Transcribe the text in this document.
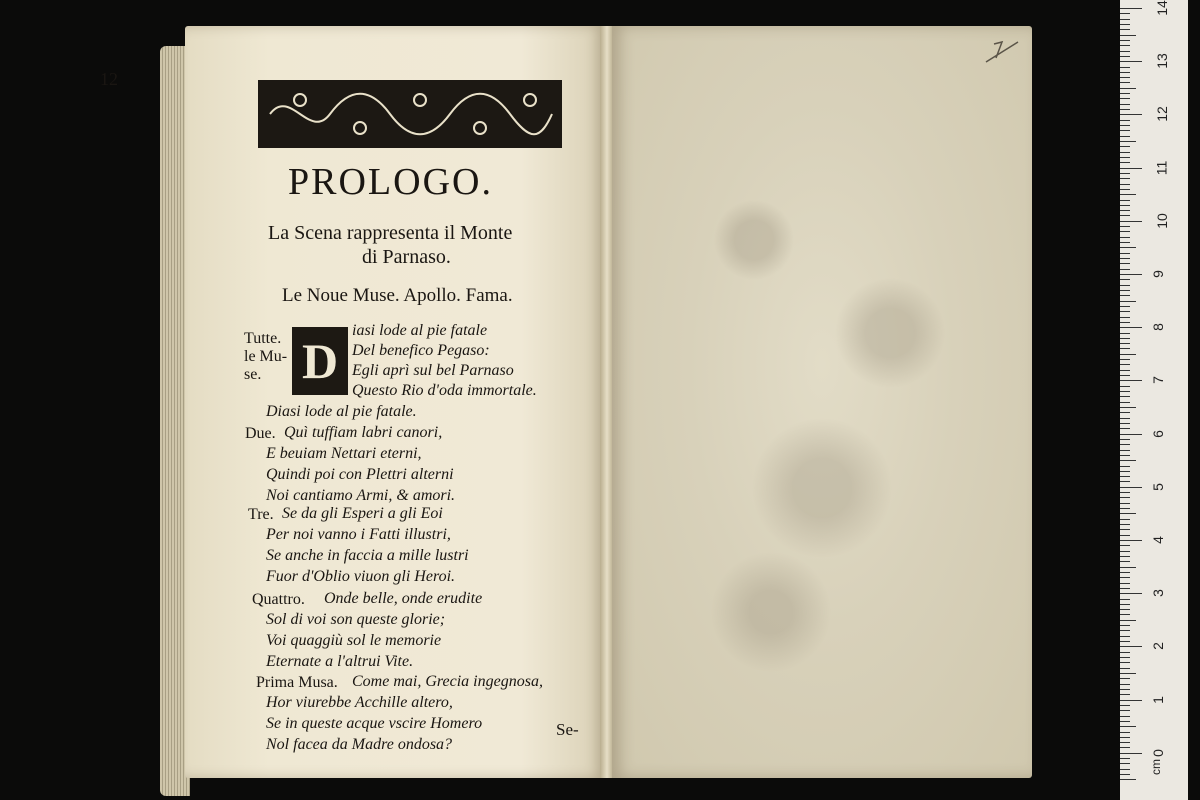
12
PROLOGO.
La Scena rappresenta il Monte
di Parnaso.
Le Noue Muse. Apollo. Fama.
Tutte. le Mu- se. D
iasi lode al pie fatale
Del benefico Pegaso:
Egli aprì sul bel Parnaso
Questo Rio d'oda immortale.
Diasi lode al pie fatale.
Due. Quì tuffiam labri canori,
E beuiam Nettari eterni,
Quindi poi con Plettri alterni
Noi cantiamo Armi, & amori.
Tre. Se da gli Esperi a gli Eoi
Per noi vanno i Fatti illustri,
Se anche in faccia a mille lustri
Fuor d'Oblio viuon gli Heroi.
Quattro. Onde belle, onde erudite
Sol di voi son queste glorie;
Voi quaggiù sol le memorie
Eternate a l'altrui Vite.
Prima Musa. Come mai, Grecia ingegnosa,
Hor viurebbe Acchille altero,
Se in queste acque vscire Homero
Nol facea da Madre ondosa?
Se-
cm
14
13
12
11
10
9
8
7
6
5
4
3
2
1
0
